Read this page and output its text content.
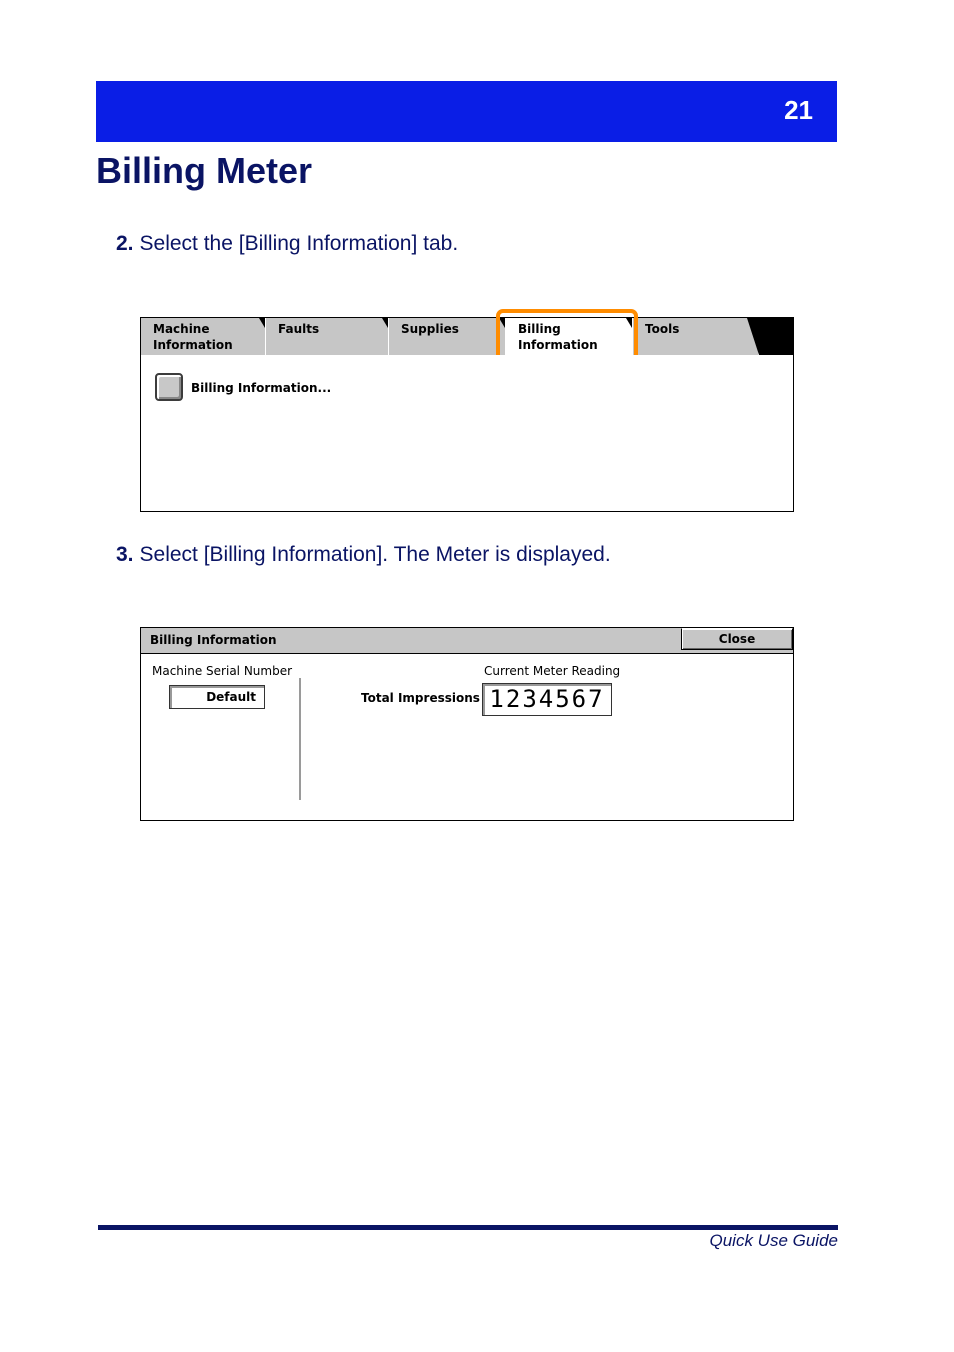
21
Billing Meter
2. Select the [Billing Information] tab.
Machine
Information
Faults	Supplies	Billing
Information
Tools
Billing Information...
3. Select [Billing Information]. The Meter is displayed.
Billing Information	Close
Machine Serial Number
Default
Current Meter Reading
Total Impressions 1234567
Quick Use Guide
